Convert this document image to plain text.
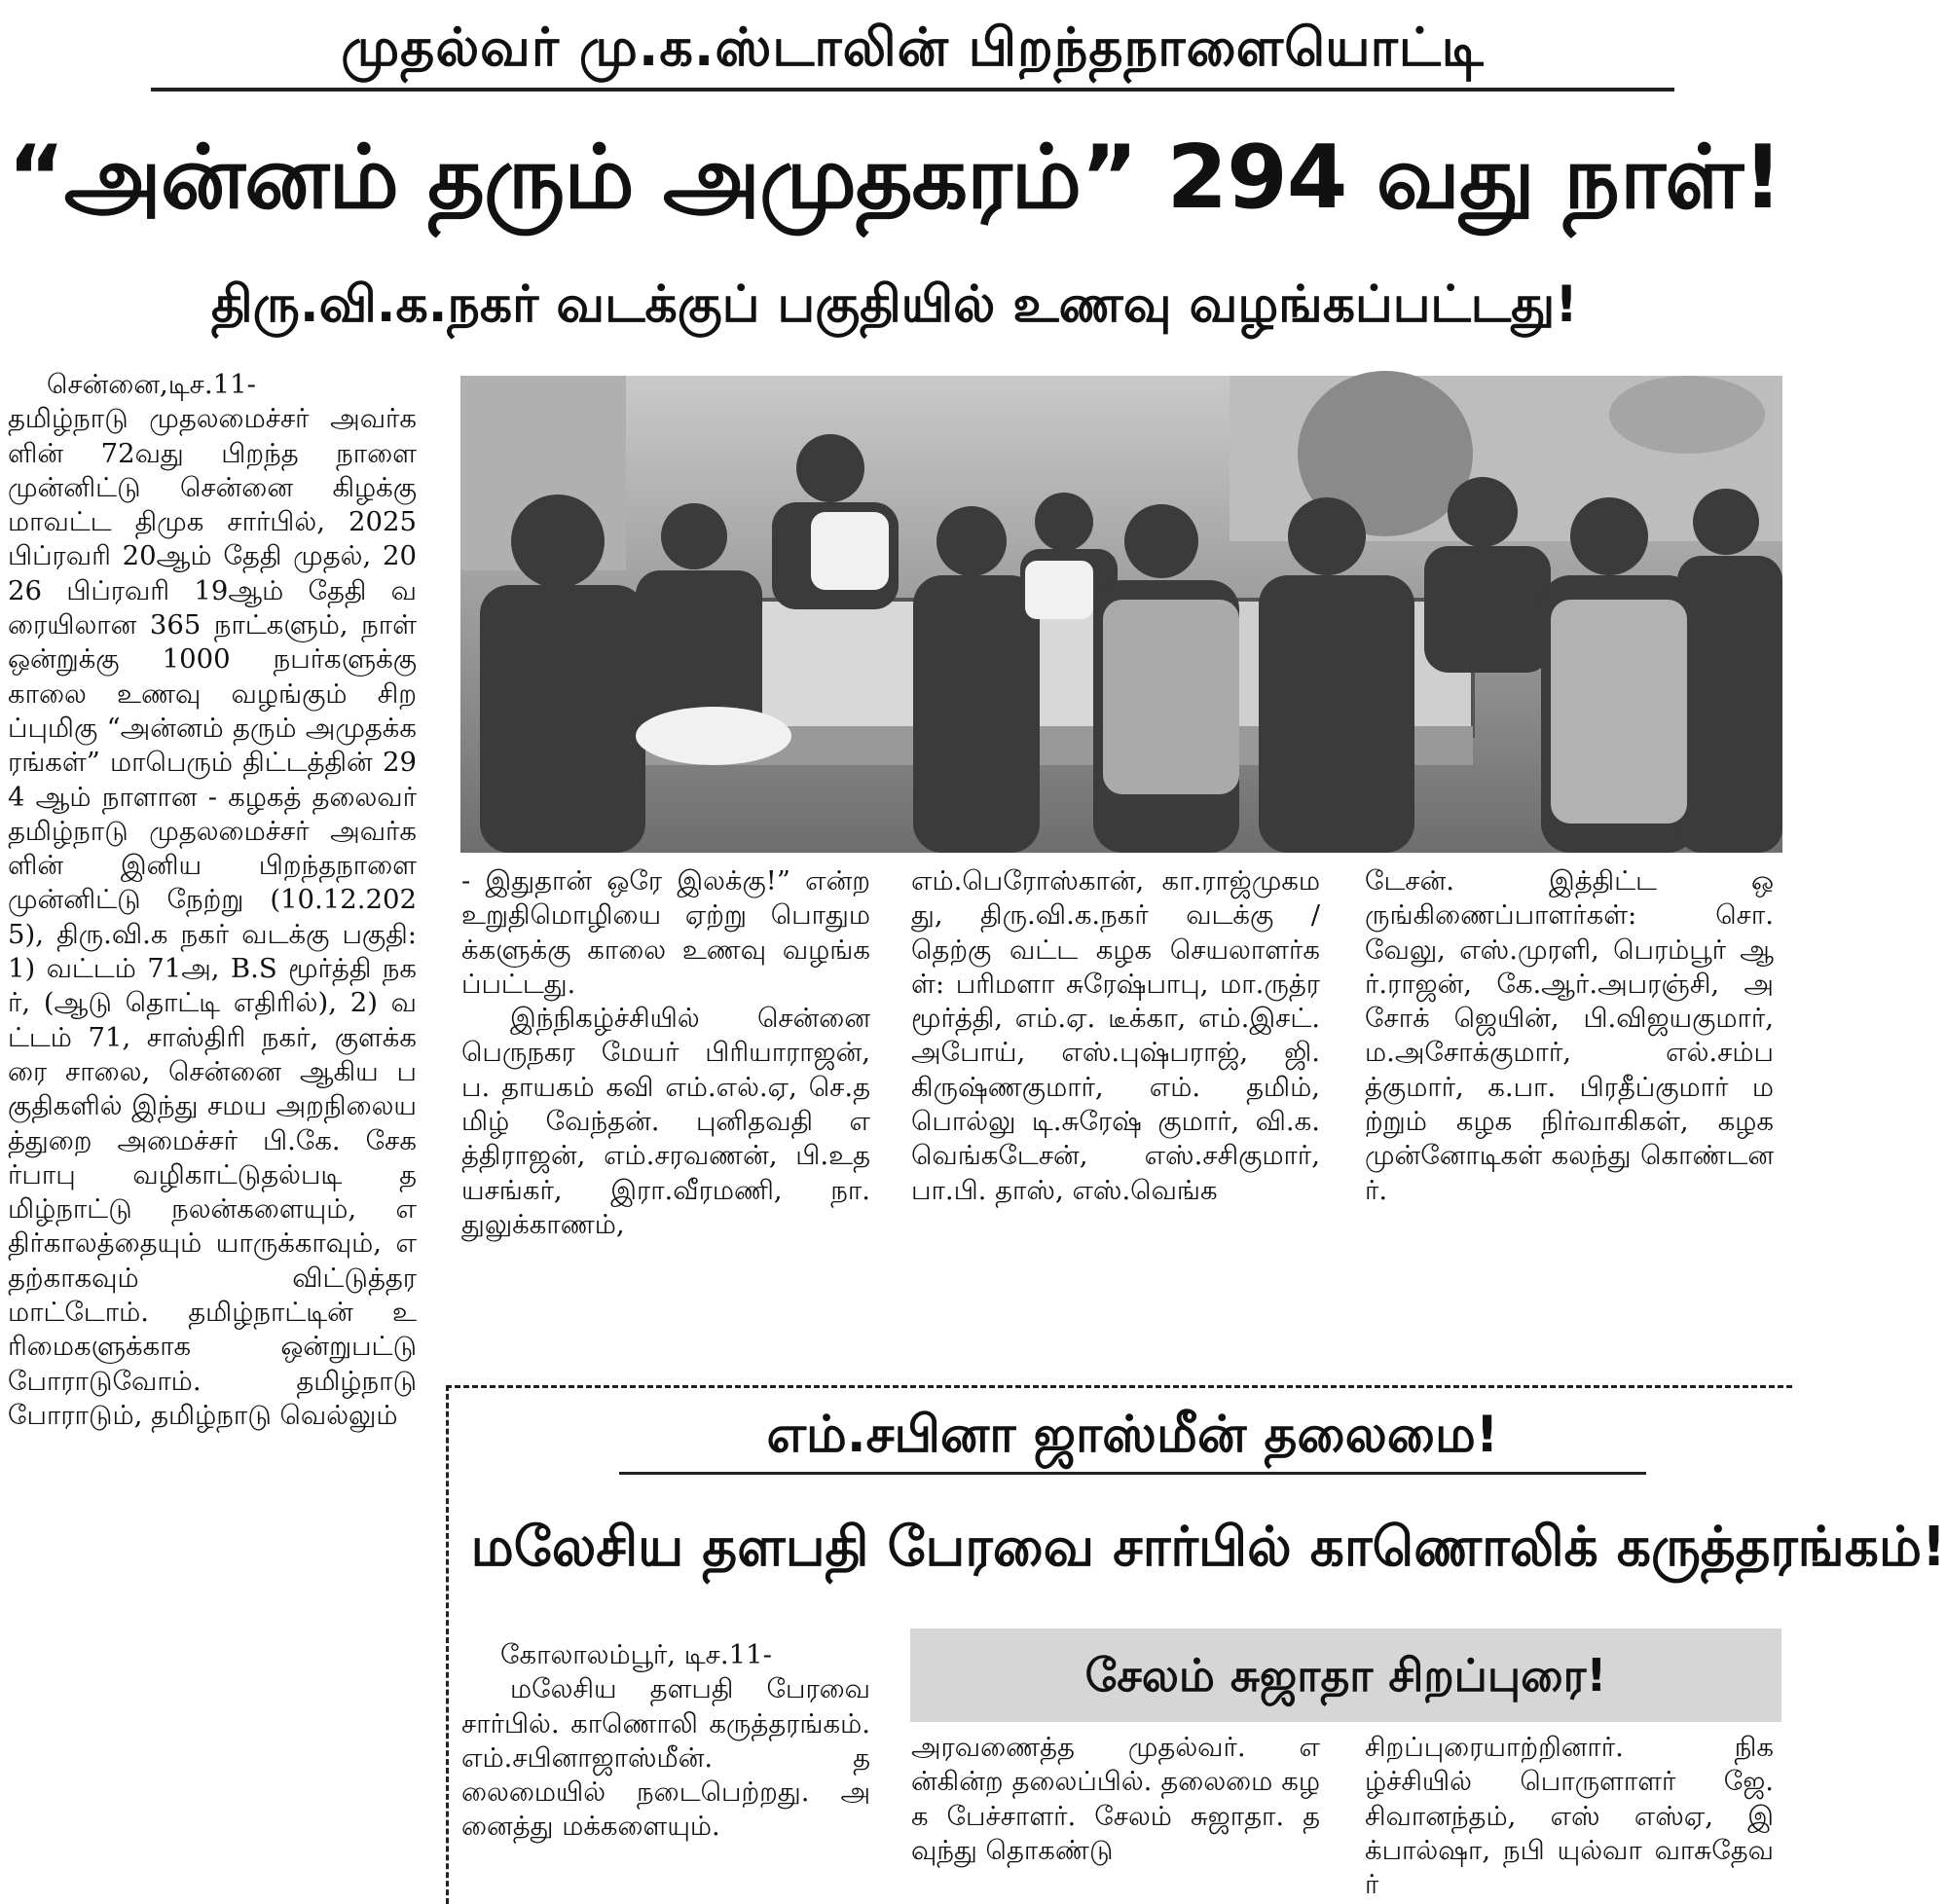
முதல்வர் மு.க.ஸ்டாலின் பிறந்தநாளையொட்டி
“அன்னம் தரும் அமுதகரம்” 294 வது நாள்!
திரு.வி.க.நகர் வடக்குப் பகுதியில் உணவு வழங்கப்பட்டது!

சென்னை,டிச.11-

தமிழ்நாடு முதலமைச்சர் அவர்களின் 72வது பிறந்த நாளை முன்னிட்டு சென்னை கிழக்கு மாவட்ட திமுக சார்பில், 2025 பிப்ரவரி 20ஆம் தேதி முதல், 2026 பிப்ரவரி 19ஆம் தேதி வரையிலான 365 நாட்களும், நாள் ஒன்றுக்கு 1000 நபர்களுக்கு காலை உணவு வழங்கும் சிறப்புமிகு “அன்னம் தரும் அமுதக்கரங்கள்” மாபெரும் திட்டத்தின் 294 ஆம் நாளான - கழகத் தலைவர் தமிழ்நாடு முதலமைச்சர் அவர்களின் இனிய பிறந்தநாளை முன்னிட்டு நேற்று (10.12.2025), திரு.வி.க நகர் வடக்கு பகுதி: 1) வட்டம் 71அ, B.S மூர்த்தி நகர், (ஆடு தொட்டி எதிரில்), 2) வட்டம் 71, சாஸ்திரி நகர், குளக்கரை சாலை, சென்னை ஆகிய பகுதிகளில் இந்து சமய அறநிலையத்துறை அமைச்சர் பி.கே. சேகர்பாபு வழிகாட்டுதல்படி தமிழ்நாட்டு நலன்களையும், எதிர்காலத்தையும் யாருக்காவும், எதற்காகவும் விட்டுத்தர மாட்டோம். தமிழ்நாட்டின் உரிமைகளுக்காக ஒன்றுபட்டு போராடுவோம். தமிழ்நாடு போராடும், தமிழ்நாடு வெல்லும்

- இதுதான் ஒரே இலக்கு!” என்ற உறுதிமொழியை ஏற்று பொதுமக்களுக்கு காலை உணவு வழங்கப்பட்டது.

இந்நிகழ்ச்சியில் சென்னை பெருநகர மேயர் பிரியாராஜன், ப. தாயகம் கவி எம்.எல்.ஏ, செ.தமிழ் வேந்தன். புனிதவதி எத்திராஜன், எம்.சரவணன், பி.உதயசங்கர், இரா.வீரமணி, நா.துலுக்காணம்,

எம்.பெரோஸ்கான், கா.ராஜ்முகமது, திரு.வி.க.நகர் வடக்கு / தெற்கு வட்ட கழக செயலாளர்கள்: பரிமளா சுரேஷ்பாபு, மா.ருத்ரமூர்த்தி, எம்.ஏ. டீக்கா, எம்.இசட். அபோய், எஸ்.புஷ்பராஜ், ஜி.கிருஷ்ணகுமார், எம். தமிம், பொல்லு டி.சுரேஷ் குமார், வி.க.வெங்கடேசன், எஸ்.சசிகுமார், பா.பி. தாஸ், எஸ்.வெங்க

டேசன். இத்திட்ட ஒருங்கிணைப்பாளர்கள்: சொ.வேலு, எஸ்.முரளி, பெரம்பூர் ஆர்.ராஜன், கே.ஆர்.அபரஞ்சி, அசோக் ஜெயின், பி.விஜயகுமார், ம.அசோக்குமார், எல்.சம்பத்குமார், க.பா. பிரதீப்குமார் மற்றும் கழக நிர்வாகிகள், கழக முன்னோடிகள் கலந்து கொண்டனர்.

எம்.சபினா ஜாஸ்மீன் தலைமை!
மலேசிய தளபதி பேரவை சார்பில் காணொலிக் கருத்தரங்கம்!
சேலம் சுஜாதா சிறப்புரை!

கோலாலம்பூர், டிச.11-

மலேசிய தளபதி பேரவை சார்பில். காணொலி கருத்தரங்கம். எம்.சபினாஜாஸ்மீன். தலைமையில் நடைபெற்றது. அனைத்து மக்களையும்.

அரவணைத்த முதல்வர். என்கின்ற தலைப்பில். தலைமை கழக பேச்சாளர். சேலம் சுஜாதா. தவுந்து தொகண்டு

சிறப்புரையாற்றினார். நிகழ்ச்சியில் பொருளாளர் ஜே. சிவானந்தம், எஸ் எஸ்ஏ, இக்பால்ஷா, நபி யுல்வா வாசுதேவர்
